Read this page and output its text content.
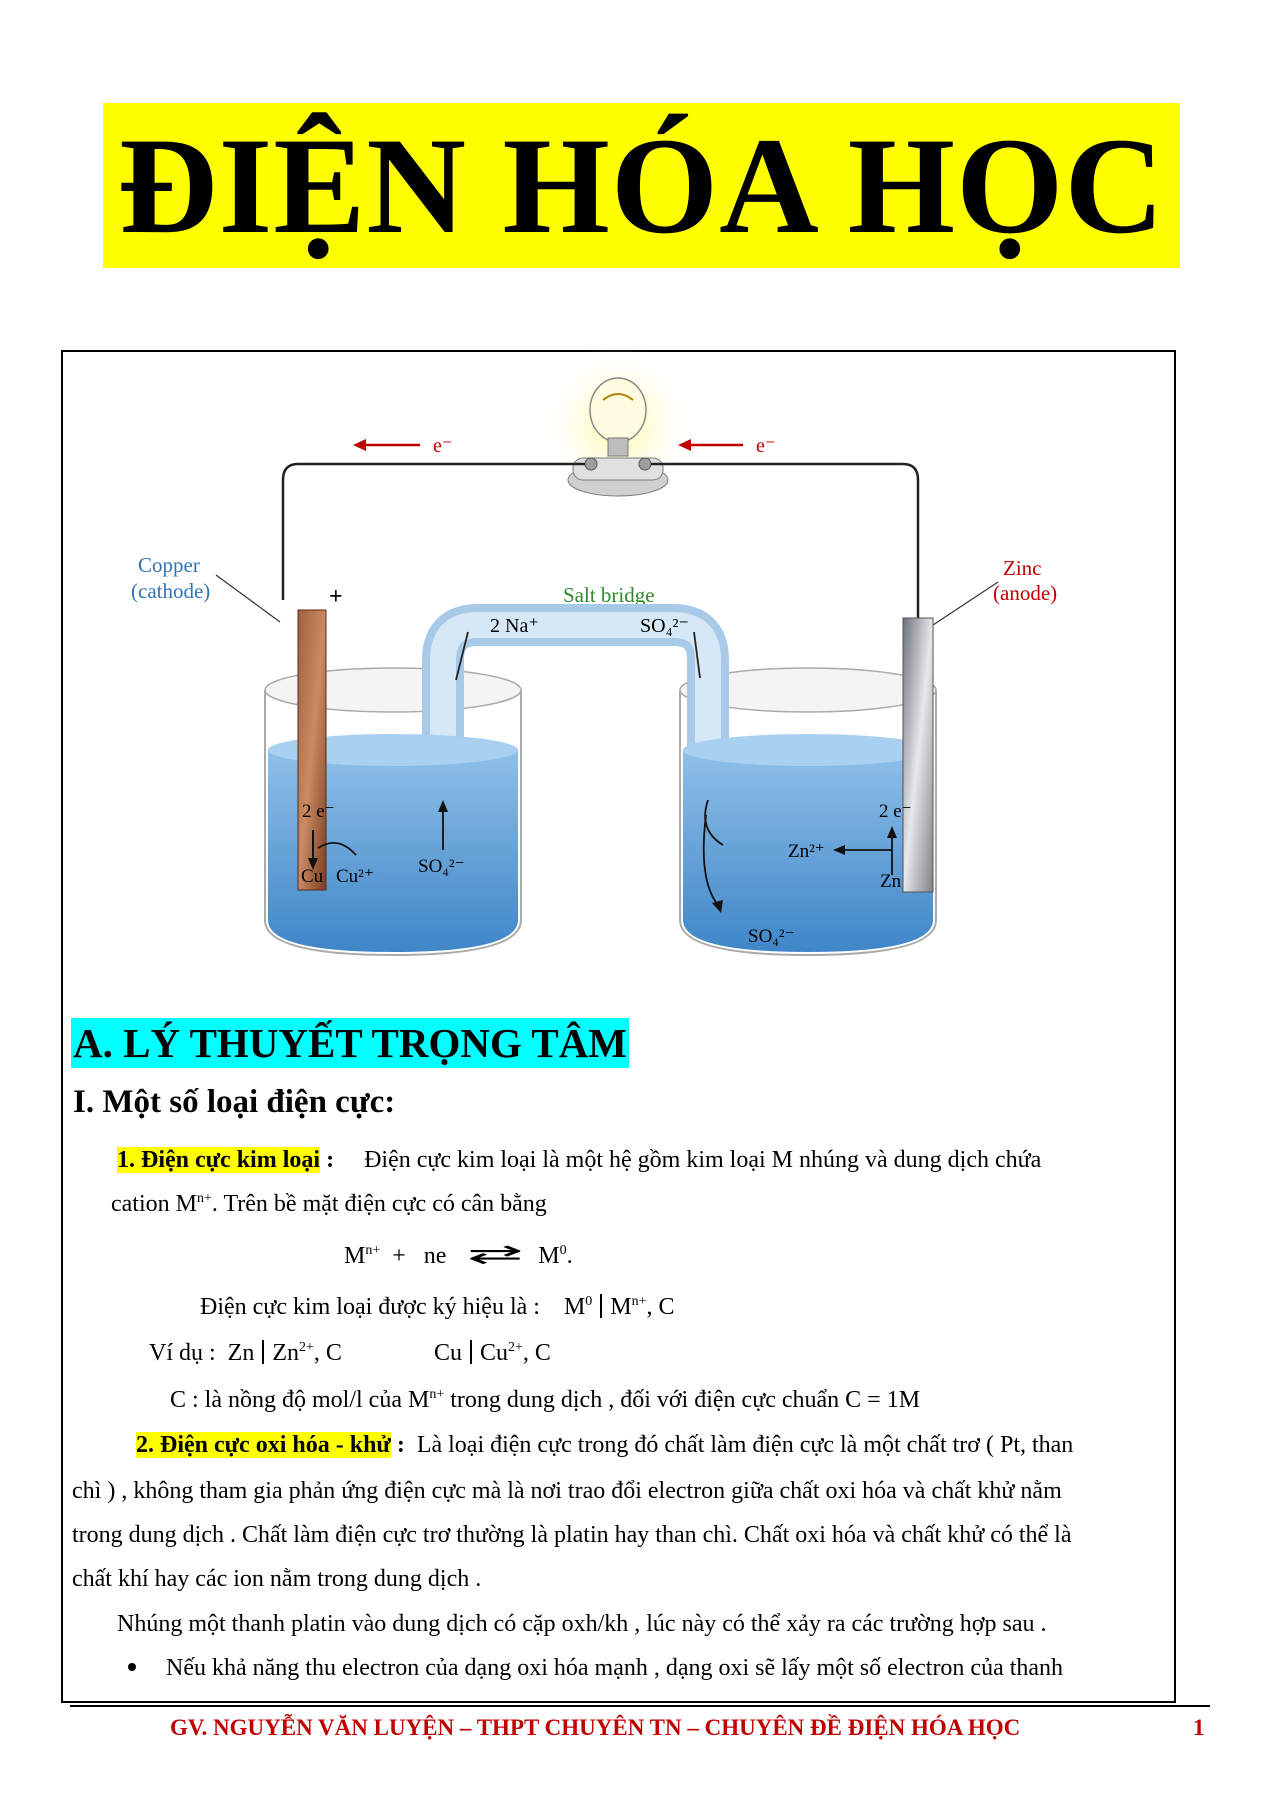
ĐIỆN HÓA HỌC
e⁻	e⁻
Copper
(cathode)
Zinc
(anode)
+	Salt bridge
2 Na⁺	SO₄²⁻
2 e⁻
Cu²⁺
Cu	SO₄²⁻
2 e⁻
Zn²⁺
Zn
SO₄²⁻
A. LÝ THUYẾT TRỌNG TÂM
I. Một số loại điện cực:
1. Điện cực kim loại : Điện cực kim loại là một hệ gồm kim loại M nhúng và dung dịch chứa
cation $M^{n+}$. Trên bề mặt điện cực có cân bằng
$M^{n+}$ + ne ⇄ $M^0$.
Điện cực kim loại được ký hiệu là : $M^0$ $M^{n+}$, C
Ví dụ : Zn $Zn^{2+}$, C	Cu $Cu^{2+}$, C
C : là nồng độ mol/l của $M^{n+}$ trong dung dịch , đối với điện cực chuẩn C = 1M
2. Điện cực oxi hóa - khử : Là loại điện cực trong đó chất làm điện cực là một chất trơ ( Pt, than
chì ) , không tham gia phản ứng điện cực mà là nơi trao đổi electron giữa chất oxi hóa và chất khử nằm
trong dung dịch . Chất làm điện cực trơ thường là platin hay than chì. Chất oxi hóa và chất khử có thể là
chất khí hay các ion nằm trong dung dịch .
Nhúng một thanh platin vào dung dịch có cặp oxh/kh , lúc này có thể xảy ra các trường hợp sau .
Nếu khả năng thu electron của dạng oxi hóa mạnh , dạng oxi sẽ lấy một số electron của thanh
GV. NGUYỄN VĂN LUYỆN – THPT CHUYÊN TN – CHUYÊN ĐỀ ĐIỆN HÓA HỌC	1
